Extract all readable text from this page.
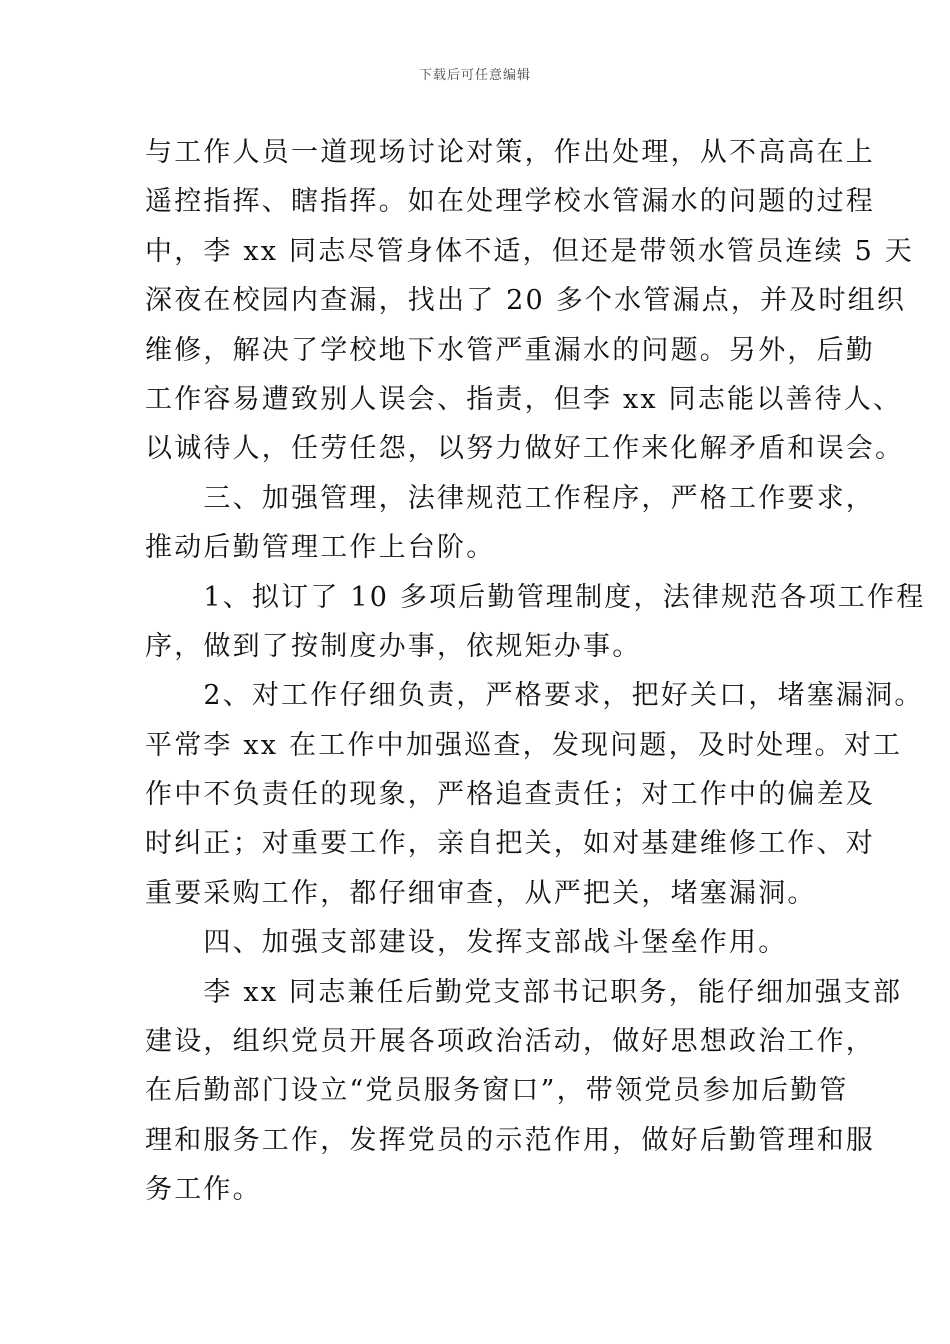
下载后可任意编辑
与工作人员一道现场讨论对策，作出处理，从不高高在上
遥控指挥、瞎指挥。如在处理学校水管漏水的问题的过程
中，李 xx 同志尽管身体不适，但还是带领水管员连续 5 天
深夜在校园内查漏，找出了 20 多个水管漏点，并及时组织
维修，解决了学校地下水管严重漏水的问题。另外，后勤
工作容易遭致别人误会、指责，但李 xx 同志能以善待人、
以诚待人，任劳任怨，以努力做好工作来化解矛盾和误会。
　　三、加强管理，法律规范工作程序，严格工作要求，
推动后勤管理工作上台阶。
　　1、拟订了 10 多项后勤管理制度，法律规范各项工作程
序，做到了按制度办事，依规矩办事。
　　2、对工作仔细负责，严格要求，把好关口，堵塞漏洞。
平常李 xx 在工作中加强巡查，发现问题，及时处理。对工
作中不负责任的现象，严格追查责任；对工作中的偏差及
时纠正；对重要工作，亲自把关，如对基建维修工作、对
重要采购工作，都仔细审查，从严把关，堵塞漏洞。
　　四、加强支部建设，发挥支部战斗堡垒作用。
　　李 xx 同志兼任后勤党支部书记职务，能仔细加强支部
建设，组织党员开展各项政治活动，做好思想政治工作，
在后勤部门设立“党员服务窗口”，带领党员参加后勤管
理和服务工作，发挥党员的示范作用，做好后勤管理和服
务工作。
